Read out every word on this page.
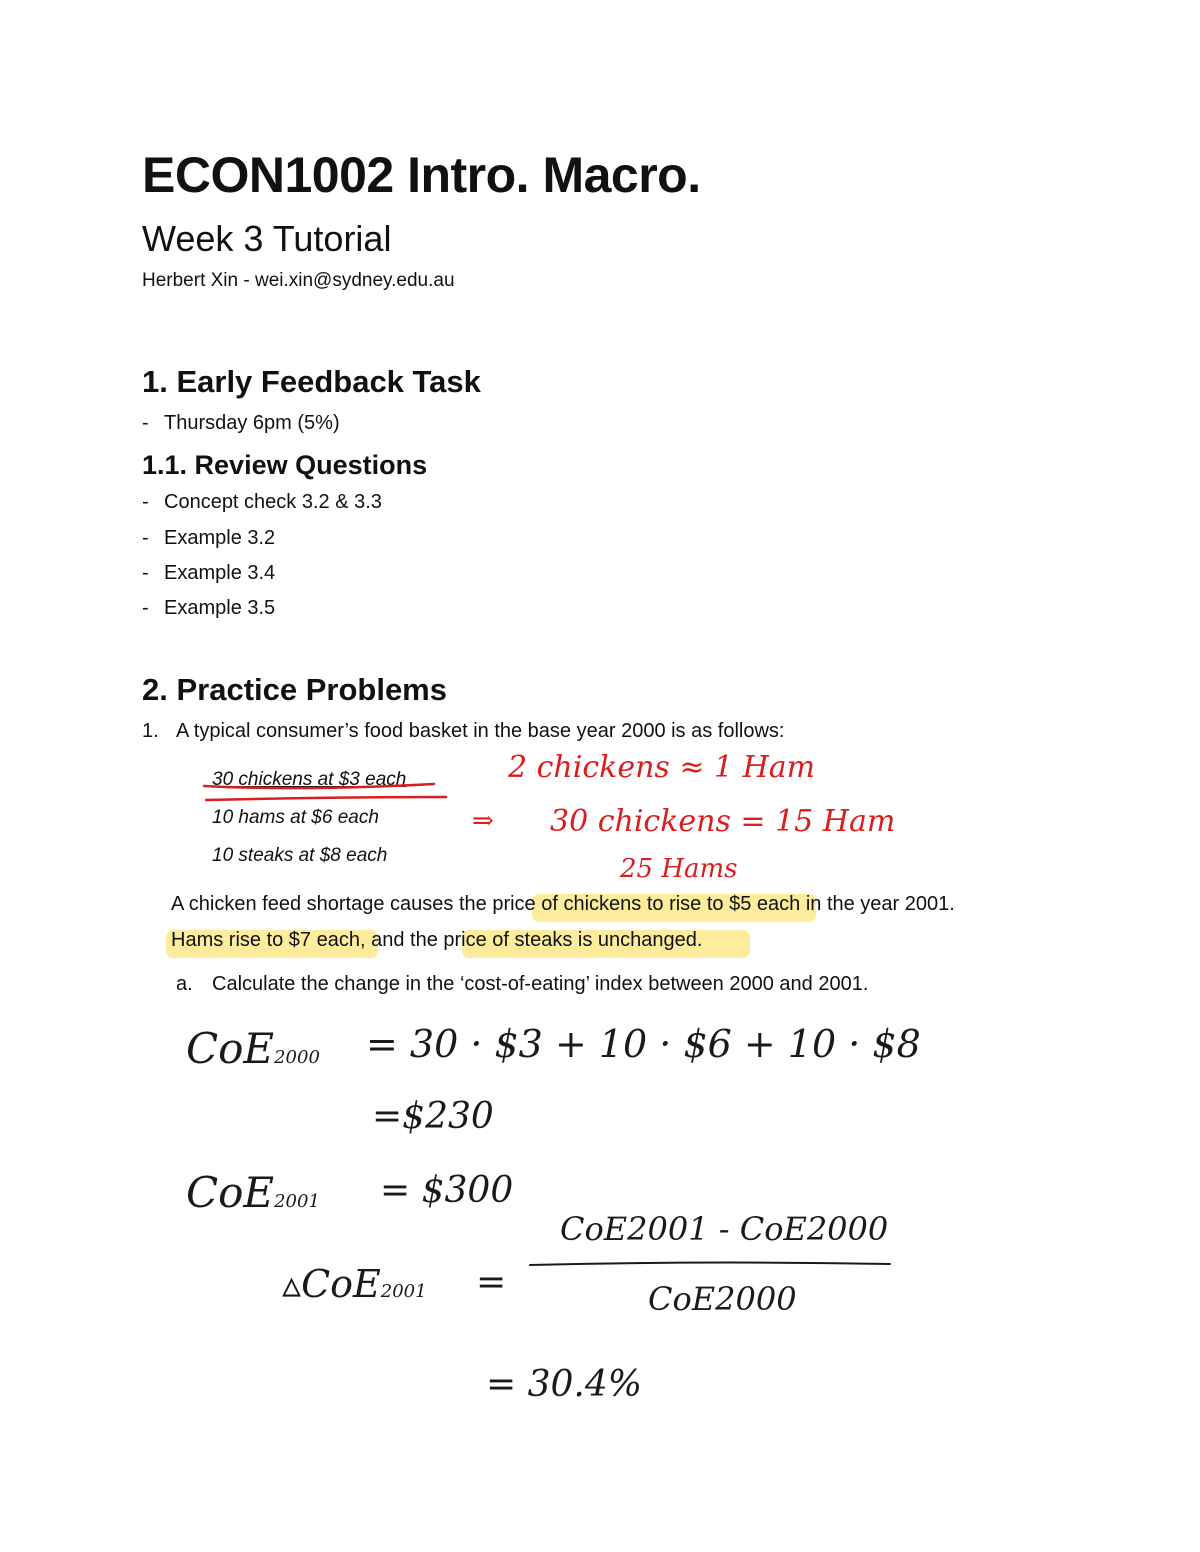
ECON1002 Intro. Macro.
Week 3 Tutorial
Herbert Xin - wei.xin@sydney.edu.au
1. Early Feedback Task
- Thursday 6pm (5%)
1.1. Review Questions
- Concept check 3.2 & 3.3
- Example 3.2
- Example 3.4
- Example 3.5
2. Practice Problems
1. A typical consumer’s food basket in the base year 2000 is as follows:
30 chickens at $3 each
10 hams at $6 each
10 steaks at $8 each
A chicken feed shortage causes the price of chickens to rise to $5 each in the year 2001.
Hams rise to $7 each, and the price of steaks is unchanged.
a. Calculate the change in the ‘cost-of-eating’ index between 2000 and 2001.
2 chickens ≈ 1 Ham
⇒ 30 chickens = 15 Ham
25 Hams
CoE2000 = 30 · $3 + 10 · $6 + 10 · $8
=$230
CoE2001 = $300
CoE2001 - CoE2000
▵CoE2001 =	CoE2000
= 30.4%
